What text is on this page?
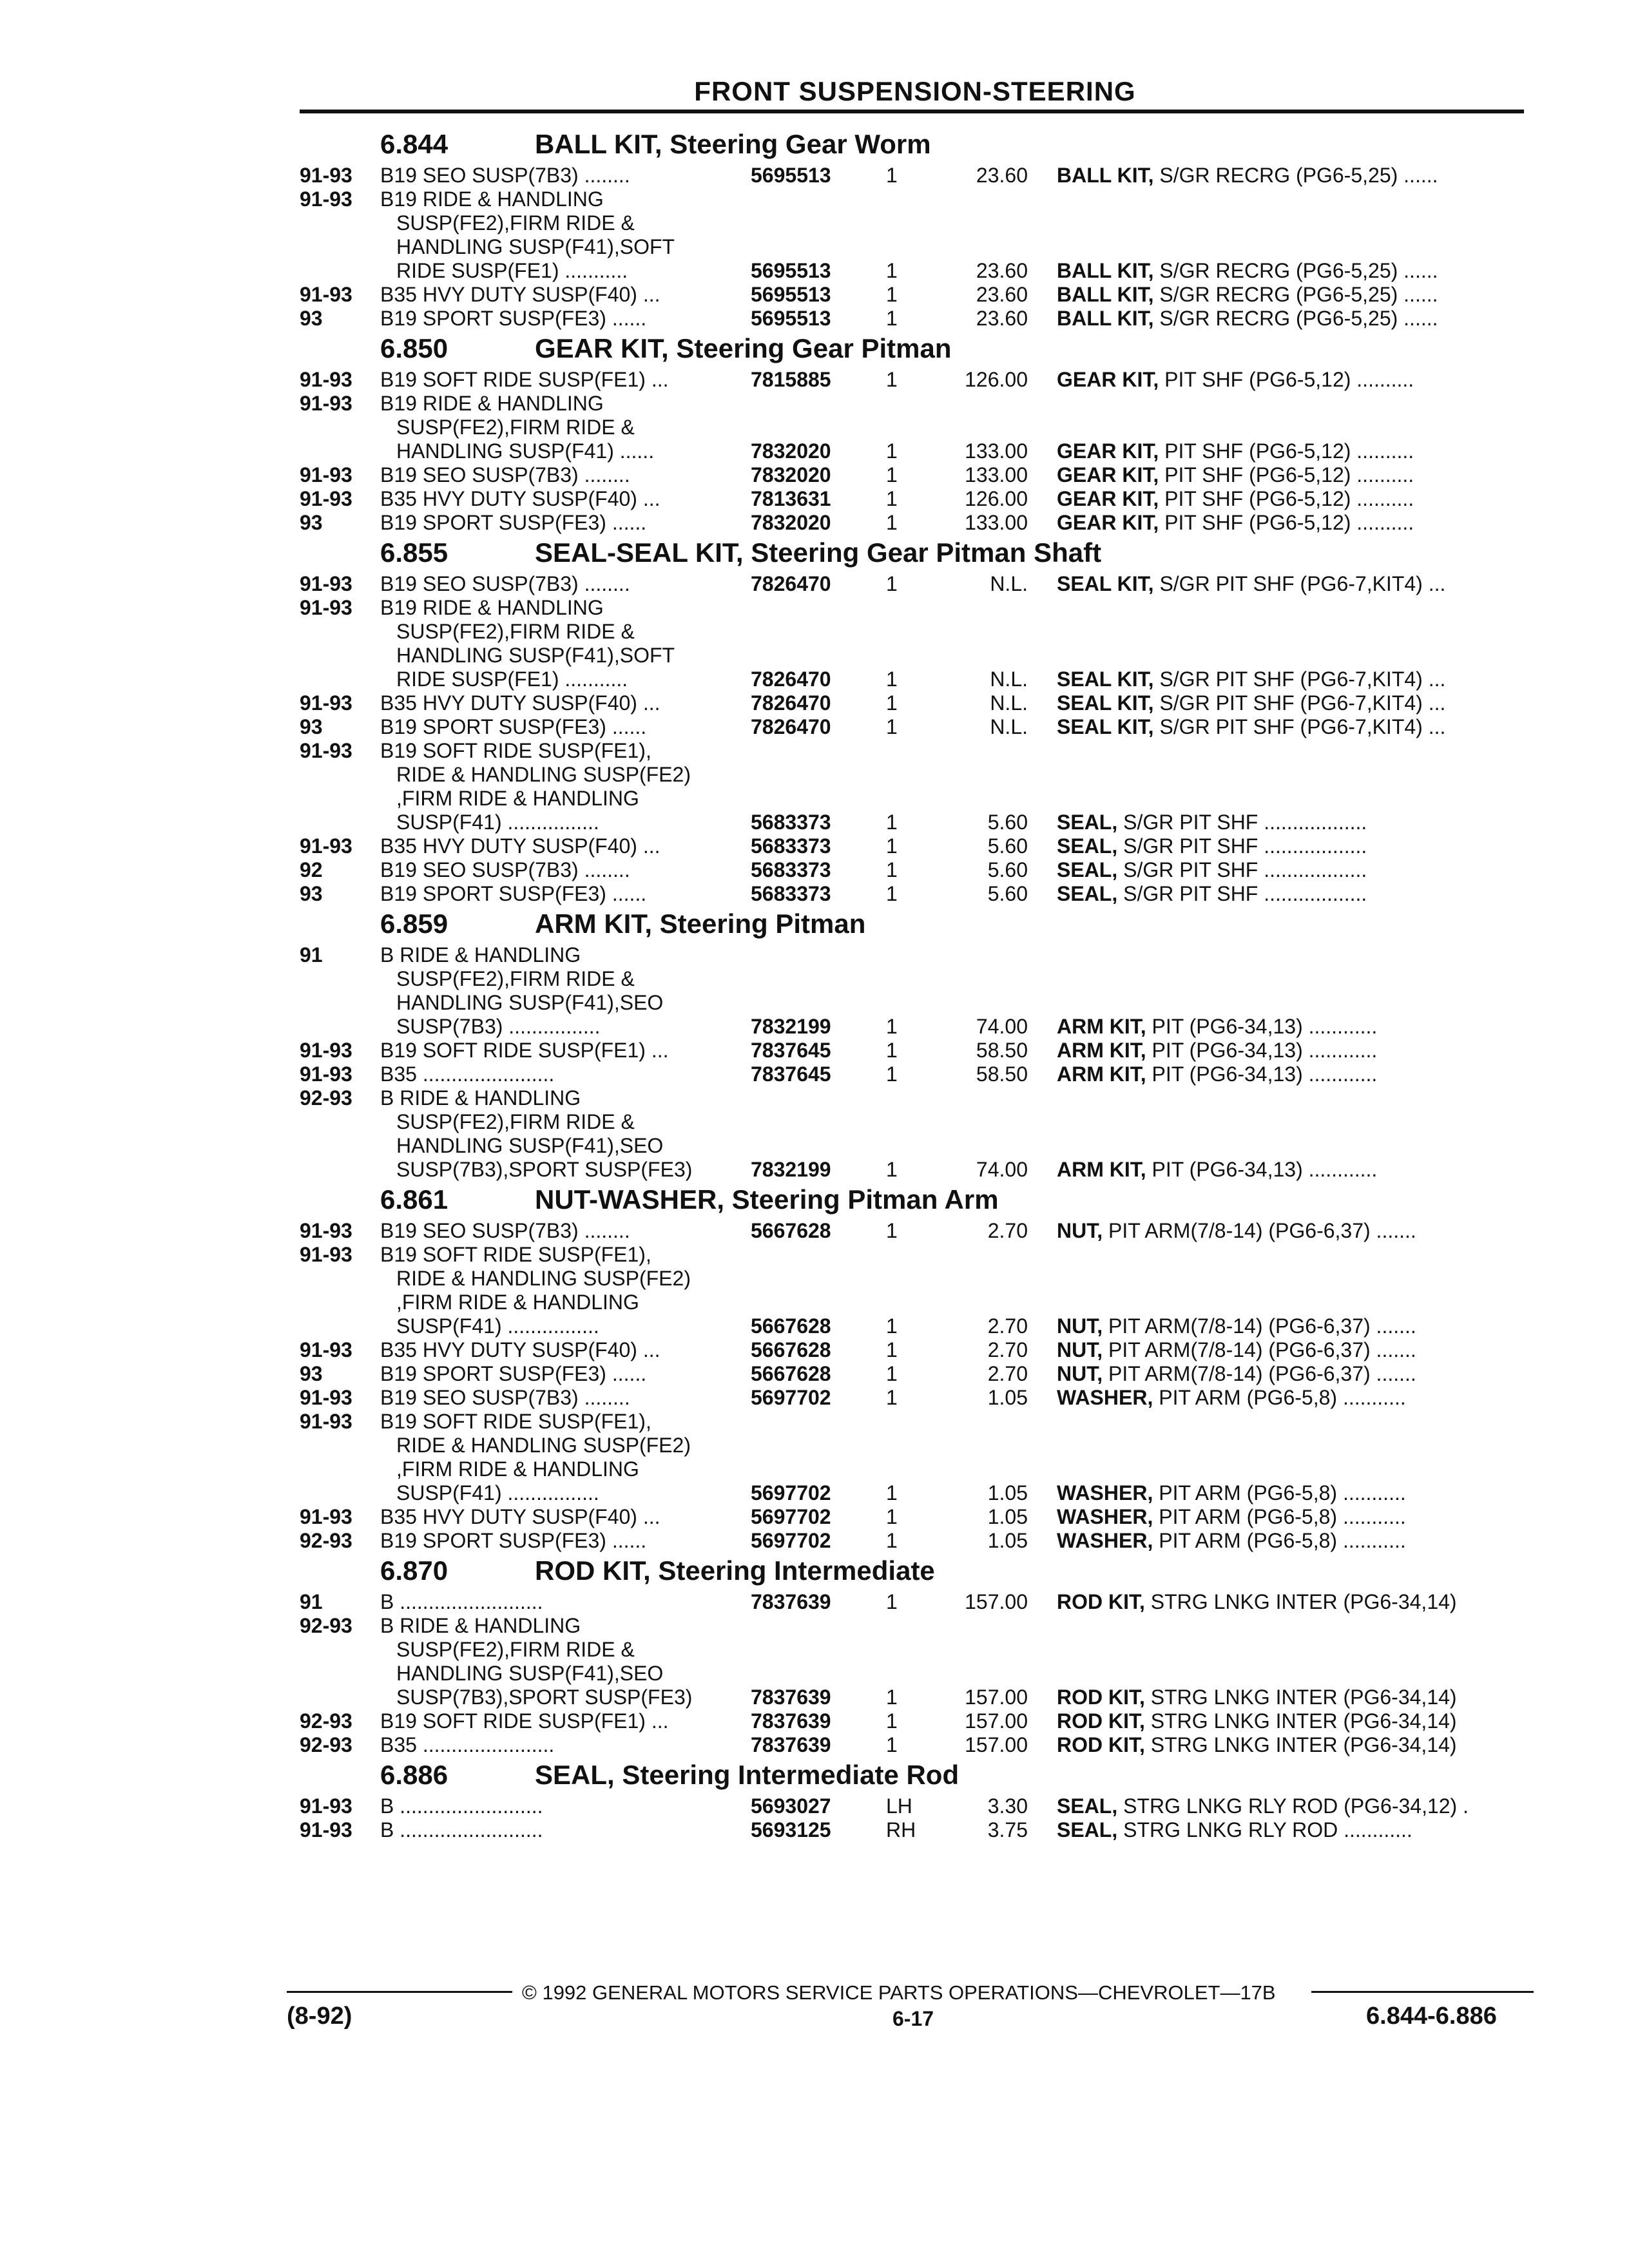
FRONT SUSPENSION-STEERING
6.844	BALL KIT, Steering Gear Worm
91-93 B19 SEO SUSP(7B3) ........	5695513	1	23.60 BALL KIT, S/GR RECRG (PG6-5,25) ......
91-93 B19 RIDE & HANDLING
SUSP(FE2),FIRM RIDE &
HANDLING SUSP(F41),SOFT
RIDE SUSP(FE1) ...........	5695513	1	23.60 BALL KIT, S/GR RECRG (PG6-5,25) ......
91-93 B35 HVY DUTY SUSP(F40) ...	5695513	1	23.60 BALL KIT, S/GR RECRG (PG6-5,25) ......
93	B19 SPORT SUSP(FE3) ......	5695513	1	23.60 BALL KIT, S/GR RECRG (PG6-5,25) ......
6.850	GEAR KIT, Steering Gear Pitman
91-93 B19 SOFT RIDE SUSP(FE1) ...	7815885	1	126.00 GEAR KIT, PIT SHF (PG6-5,12) ..........
91-93 B19 RIDE & HANDLING
SUSP(FE2),FIRM RIDE &
HANDLING SUSP(F41) ......	7832020	1	133.00 GEAR KIT, PIT SHF (PG6-5,12) ..........
91-93 B19 SEO SUSP(7B3) ........	7832020	1	133.00 GEAR KIT, PIT SHF (PG6-5,12) ..........
91-93 B35 HVY DUTY SUSP(F40) ...	7813631	1	126.00 GEAR KIT, PIT SHF (PG6-5,12) ..........
93	B19 SPORT SUSP(FE3) ......	7832020	1	133.00 GEAR KIT, PIT SHF (PG6-5,12) ..........
6.855	SEAL-SEAL KIT, Steering Gear Pitman Shaft
91-93 B19 SEO SUSP(7B3) ........	7826470	1	N.L. SEAL KIT, S/GR PIT SHF (PG6-7,KIT4) ...
91-93 B19 RIDE & HANDLING
SUSP(FE2),FIRM RIDE &
HANDLING SUSP(F41),SOFT
RIDE SUSP(FE1) ...........	7826470	1	N.L. SEAL KIT, S/GR PIT SHF (PG6-7,KIT4) ...
91-93 B35 HVY DUTY SUSP(F40) ...	7826470	1	N.L. SEAL KIT, S/GR PIT SHF (PG6-7,KIT4) ...
93	B19 SPORT SUSP(FE3) ......	7826470	1	N.L. SEAL KIT, S/GR PIT SHF (PG6-7,KIT4) ...
91-93 B19 SOFT RIDE SUSP(FE1),
RIDE & HANDLING SUSP(FE2)
,FIRM RIDE & HANDLING
SUSP(F41) ................	5683373	1	5.60 SEAL, S/GR PIT SHF ..................
91-93 B35 HVY DUTY SUSP(F40) ...	5683373	1	5.60 SEAL, S/GR PIT SHF ..................
92	B19 SEO SUSP(7B3) ........	5683373	1	5.60 SEAL, S/GR PIT SHF ..................
93	B19 SPORT SUSP(FE3) ......	5683373	1	5.60 SEAL, S/GR PIT SHF ..................
6.859	ARM KIT, Steering Pitman
91	B RIDE & HANDLING
SUSP(FE2),FIRM RIDE &
HANDLING SUSP(F41),SEO
SUSP(7B3) ................	7832199	1	74.00 ARM KIT, PIT (PG6-34,13) ............
91-93 B19 SOFT RIDE SUSP(FE1) ...	7837645	1	58.50 ARM KIT, PIT (PG6-34,13) ............
91-93 B35 .......................	7837645	1	58.50 ARM KIT, PIT (PG6-34,13) ............
92-93 B RIDE & HANDLING
SUSP(FE2),FIRM RIDE &
HANDLING SUSP(F41),SEO
SUSP(7B3),SPORT SUSP(FE3)	7832199	1	74.00 ARM KIT, PIT (PG6-34,13) ............
6.861	NUT-WASHER, Steering Pitman Arm
91-93 B19 SEO SUSP(7B3) ........	5667628	1	2.70 NUT, PIT ARM(7/8-14) (PG6-6,37) .......
91-93 B19 SOFT RIDE SUSP(FE1),
RIDE & HANDLING SUSP(FE2)
,FIRM RIDE & HANDLING
SUSP(F41) ................	5667628	1	2.70 NUT, PIT ARM(7/8-14) (PG6-6,37) .......
91-93 B35 HVY DUTY SUSP(F40) ...	5667628	1	2.70 NUT, PIT ARM(7/8-14) (PG6-6,37) .......
93	B19 SPORT SUSP(FE3) ......	5667628	1	2.70 NUT, PIT ARM(7/8-14) (PG6-6,37) .......
91-93 B19 SEO SUSP(7B3) ........	5697702	1	1.05 WASHER, PIT ARM (PG6-5,8) ...........
91-93 B19 SOFT RIDE SUSP(FE1),
RIDE & HANDLING SUSP(FE2)
,FIRM RIDE & HANDLING
SUSP(F41) ................	5697702	1	1.05 WASHER, PIT ARM (PG6-5,8) ...........
91-93 B35 HVY DUTY SUSP(F40) ...	5697702	1	1.05 WASHER, PIT ARM (PG6-5,8) ...........
92-93 B19 SPORT SUSP(FE3) ......	5697702	1	1.05 WASHER, PIT ARM (PG6-5,8) ...........
6.870	ROD KIT, Steering Intermediate
91	B .........................	7837639	1	157.00 ROD KIT, STRG LNKG INTER (PG6-34,14)
92-93 B RIDE & HANDLING
SUSP(FE2),FIRM RIDE &
HANDLING SUSP(F41),SEO
SUSP(7B3),SPORT SUSP(FE3)	7837639	1	157.00 ROD KIT, STRG LNKG INTER (PG6-34,14)
92-93 B19 SOFT RIDE SUSP(FE1) ...	7837639	1	157.00 ROD KIT, STRG LNKG INTER (PG6-34,14)
92-93 B35 .......................	7837639	1	157.00 ROD KIT, STRG LNKG INTER (PG6-34,14)
6.886	SEAL, Steering Intermediate Rod
91-93 B .........................	5693027	LH	3.30 SEAL, STRG LNKG RLY ROD (PG6-34,12) .
91-93 B .........................	5693125	RH	3.75 SEAL, STRG LNKG RLY ROD ............
© 1992 GENERAL MOTORS SERVICE PARTS OPERATIONS—CHEVROLET—17B
(8-92)	6-17	6.844-6.886
